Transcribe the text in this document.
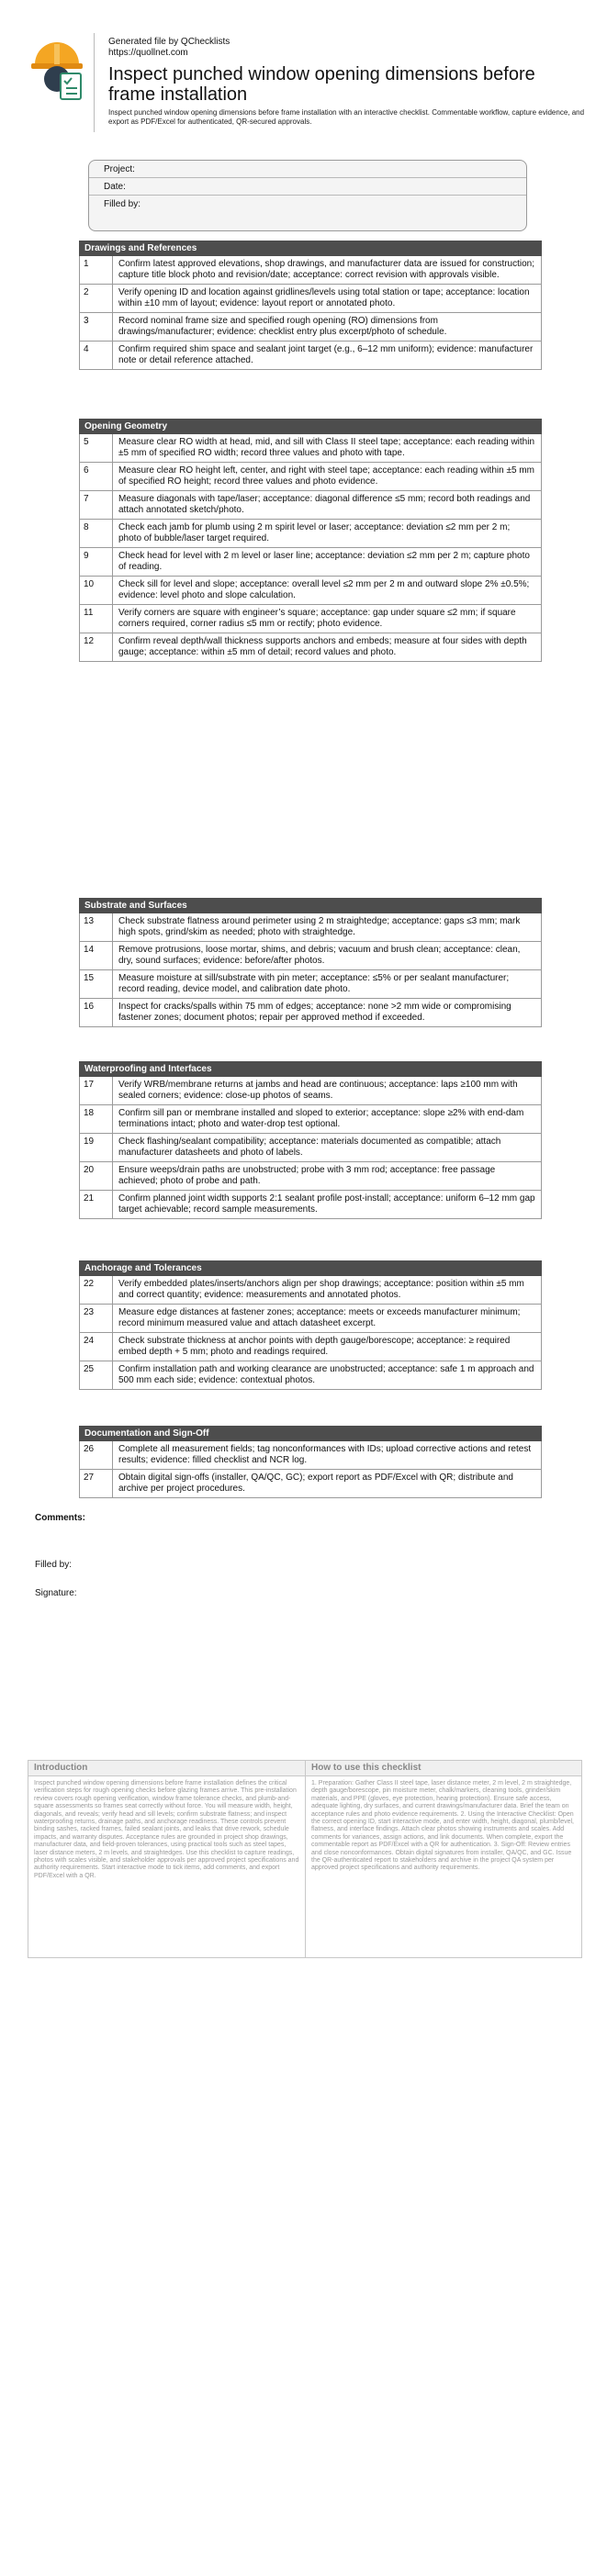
Generated file by QChecklists
https://quollnet.com
Inspect punched window opening dimensions before frame installation
Inspect punched window opening dimensions before frame installation with an interactive checklist. Commentable workflow, capture evidence, and export as PDF/Excel for authenticated, QR-secured approvals.
Project:
Date:
Filled by:
Drawings and References
1	Confirm latest approved elevations, shop drawings, and manufacturer data are issued for construction; capture title block photo and revision/date; acceptance: correct revision with approvals visible.
2	Verify opening ID and location against gridlines/levels using total station or tape; acceptance: location within ±10 mm of layout; evidence: layout report or annotated photo.
3	Record nominal frame size and specified rough opening (RO) dimensions from drawings/manufacturer; evidence: checklist entry plus excerpt/photo of schedule.
4	Confirm required shim space and sealant joint target (e.g., 6–12 mm uniform); evidence: manufacturer note or detail reference attached.
Opening Geometry
5	Measure clear RO width at head, mid, and sill with Class II steel tape; acceptance: each reading within ±5 mm of specified RO width; record three values and photo with tape.
6	Measure clear RO height left, center, and right with steel tape; acceptance: each reading within ±5 mm of specified RO height; record three values and photo evidence.
7	Measure diagonals with tape/laser; acceptance: diagonal difference ≤5 mm; record both readings and attach annotated sketch/photo.
8	Check each jamb for plumb using 2 m spirit level or laser; acceptance: deviation ≤2 mm per 2 m; photo of bubble/laser target required.
9	Check head for level with 2 m level or laser line; acceptance: deviation ≤2 mm per 2 m; capture photo of reading.
10	Check sill for level and slope; acceptance: overall level ≤2 mm per 2 m and outward slope 2% ±0.5%; evidence: level photo and slope calculation.
11	Verify corners are square with engineer’s square; acceptance: gap under square ≤2 mm; if square corners required, corner radius ≤5 mm or rectify; photo evidence.
12	Confirm reveal depth/wall thickness supports anchors and embeds; measure at four sides with depth gauge; acceptance: within ±5 mm of detail; record values and photo.
Substrate and Surfaces
13	Check substrate flatness around perimeter using 2 m straightedge; acceptance: gaps ≤3 mm; mark high spots, grind/skim as needed; photo with straightedge.
14	Remove protrusions, loose mortar, shims, and debris; vacuum and brush clean; acceptance: clean, dry, sound surfaces; evidence: before/after photos.
15	Measure moisture at sill/substrate with pin meter; acceptance: ≤5% or per sealant manufacturer; record reading, device model, and calibration date photo.
16	Inspect for cracks/spalls within 75 mm of edges; acceptance: none >2 mm wide or compromising fastener zones; document photos; repair per approved method if exceeded.
Waterproofing and Interfaces
17	Verify WRB/membrane returns at jambs and head are continuous; acceptance: laps ≥100 mm with sealed corners; evidence: close-up photos of seams.
18	Confirm sill pan or membrane installed and sloped to exterior; acceptance: slope ≥2% with end-dam terminations intact; photo and water-drop test optional.
19	Check flashing/sealant compatibility; acceptance: materials documented as compatible; attach manufacturer datasheets and photo of labels.
20	Ensure weeps/drain paths are unobstructed; probe with 3 mm rod; acceptance: free passage achieved; photo of probe and path.
21	Confirm planned joint width supports 2:1 sealant profile post-install; acceptance: uniform 6–12 mm gap target achievable; record sample measurements.
Anchorage and Tolerances
22	Verify embedded plates/inserts/anchors align per shop drawings; acceptance: position within ±5 mm and correct quantity; evidence: measurements and annotated photos.
23	Measure edge distances at fastener zones; acceptance: meets or exceeds manufacturer minimum; record minimum measured value and attach datasheet excerpt.
24	Check substrate thickness at anchor points with depth gauge/borescope; acceptance: ≥ required embed depth + 5 mm; photo and readings required.
25	Confirm installation path and working clearance are unobstructed; acceptance: safe 1 m approach and 500 mm each side; evidence: contextual photos.
Documentation and Sign-Off
26	Complete all measurement fields; tag nonconformances with IDs; upload corrective actions and retest results; evidence: filled checklist and NCR log.
27	Obtain digital sign-offs (installer, QA/QC, GC); export report as PDF/Excel with QR; distribute and archive per project procedures.
Comments:
Filled by:
Signature:
Introduction
Inspect punched window opening dimensions before frame installation defines the critical verification steps for rough opening checks before glazing frames arrive. This pre-installation review covers rough opening verification, window frame tolerance checks, and plumb-and-square assessments so frames seat correctly without force. You will measure width, height, diagonals, and reveals; verify head and sill levels; confirm substrate flatness; and inspect waterproofing returns, drainage paths, and anchorage readiness. These controls prevent binding sashes, racked frames, failed sealant joints, and leaks that drive rework, schedule impacts, and warranty disputes. Acceptance rules are grounded in project shop drawings, manufacturer data, and field-proven tolerances, using practical tools such as steel tapes, laser distance meters, 2 m levels, and straightedges. Use this checklist to capture readings, photos with scales visible, and stakeholder approvals per approved project specifications and authority requirements. Start interactive mode to tick items, add comments, and export PDF/Excel with a QR.
How to use this checklist
1. Preparation: Gather Class II steel tape, laser distance meter, 2 m level, 2 m straightedge, depth gauge/borescope, pin moisture meter, chalk/markers, cleaning tools, grinder/skim materials, and PPE (gloves, eye protection, hearing protection). Ensure safe access, adequate lighting, dry surfaces, and current drawings/manufacturer data. Brief the team on acceptance rules and photo evidence requirements. 2. Using the Interactive Checklist: Open the correct opening ID, start interactive mode, and enter width, height, diagonal, plumb/level, flatness, and interface findings. Attach clear photos showing instruments and scales. Add comments for variances, assign actions, and link documents. When complete, export the commentable report as PDF/Excel with a QR for authentication. 3. Sign-Off: Review entries and close nonconformances. Obtain digital signatures from installer, QA/QC, and GC. Issue the QR-authenticated report to stakeholders and archive in the project QA system per approved project specifications and authority requirements.
